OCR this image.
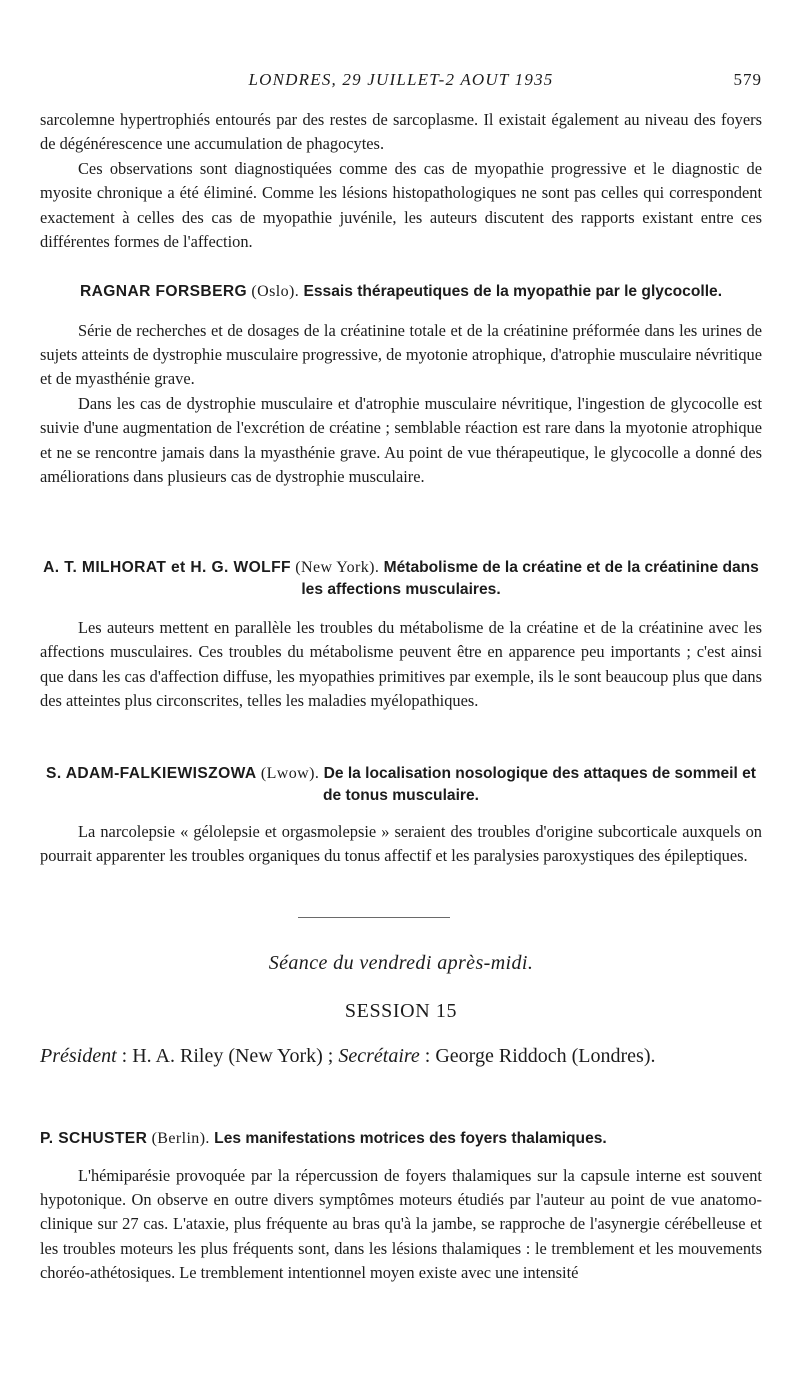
LONDRES, 29 JUILLET-2 AOUT 1935	579

sarcolemne hypertrophiés entourés par des restes de sarcoplasme. Il existait également au niveau des foyers de dégénérescence une accumulation de phagocytes.

Ces observations sont diagnostiquées comme des cas de myopathie progressive et le diagnostic de myosite chronique a été éliminé. Comme les lésions histopathologiques ne sont pas celles qui correspondent exactement à celles des cas de myopathie juvénile, les auteurs discutent des rapports existant entre ces différentes formes de l'affection.

RAGNAR FORSBERG (Oslo). Essais thérapeutiques de la myopathie par le glycocolle.

Série de recherches et de dosages de la créatinine totale et de la créatinine préformée dans les urines de sujets atteints de dystrophie musculaire progressive, de myotonie atrophique, d'atrophie musculaire névritique et de myasthénie grave.

Dans les cas de dystrophie musculaire et d'atrophie musculaire névritique, l'ingestion de glycocolle est suivie d'une augmentation de l'excrétion de créatine ; semblable réaction est rare dans la myotonie atrophique et ne se rencontre jamais dans la myasthénie grave. Au point de vue thérapeutique, le glycocolle a donné des améliorations dans plusieurs cas de dystrophie musculaire.

A. T. MILHORAT et H. G. WOLFF (New York). Métabolisme de la créatine et de la créatinine dans les affections musculaires.

Les auteurs mettent en parallèle les troubles du métabolisme de la créatine et de la créatinine avec les affections musculaires. Ces troubles du métabolisme peuvent être en apparence peu importants ; c'est ainsi que dans les cas d'affection diffuse, les myopathies primitives par exemple, ils le sont beaucoup plus que dans des atteintes plus circonscrites, telles les maladies myélopathiques.

S. ADAM-FALKIEWISZOWA (Lwow). De la localisation nosologique des attaques de sommeil et de tonus musculaire.

La narcolepsie « gélolepsie et orgasmolepsie » seraient des troubles d'origine subcorticale auxquels on pourrait apparenter les troubles organiques du tonus affectif et les paralysies paroxystiques des épileptiques.

Séance du vendredi après-midi.
SESSION 15
Président : H. A. Riley (New York) ; Secrétaire : George Riddoch (Londres).
P. SCHUSTER (Berlin). Les manifestations motrices des foyers thalamiques.

L'hémiparésie provoquée par la répercussion de foyers thalamiques sur la capsule interne est souvent hypotonique. On observe en outre divers symptômes moteurs étudiés par l'auteur au point de vue anatomo-clinique sur 27 cas. L'ataxie, plus fréquente au bras qu'à la jambe, se rapproche de l'asynergie cérébelleuse et les troubles moteurs les plus fréquents sont, dans les lésions thalamiques : le tremblement et les mouvements choréo-athétosiques. Le tremblement intentionnel moyen existe avec une intensité
